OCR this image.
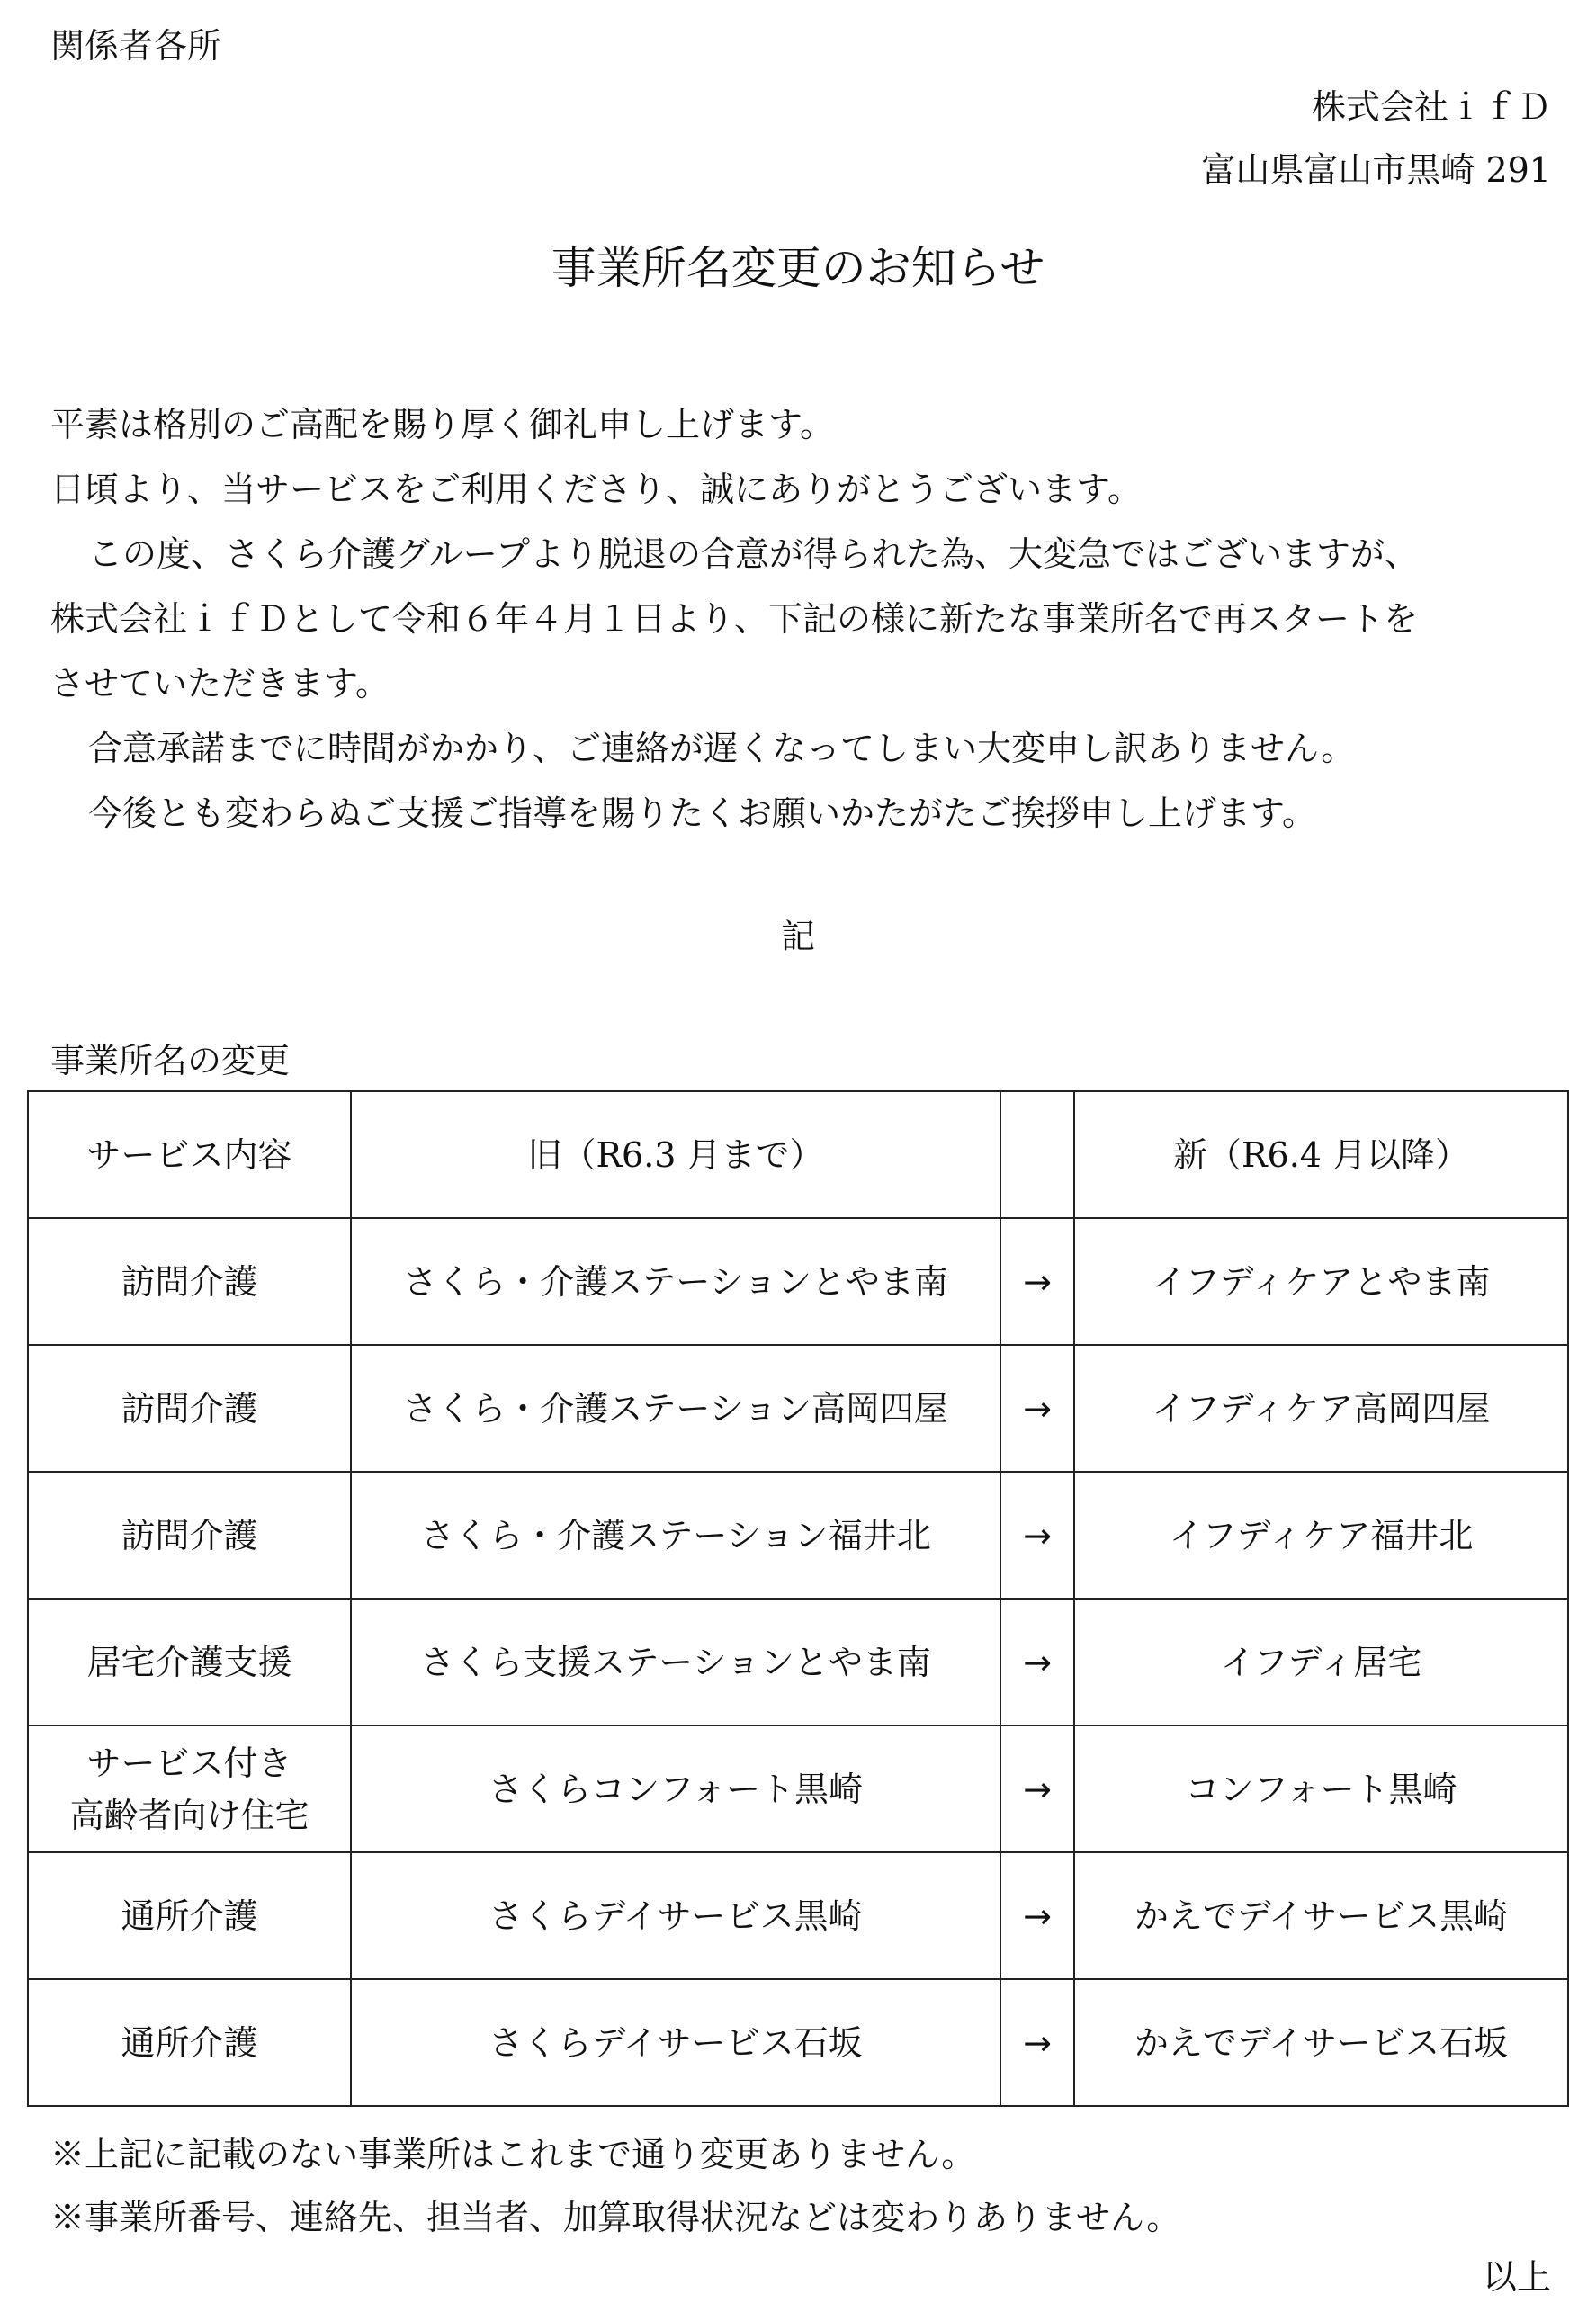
関係者各所
株式会社ｉｆＤ
富山県富山市黒崎 291
事業所名変更のお知らせ

平素は格別のご高配を賜り厚く御礼申し上げます。

日頃より、当サービスをご利用くださり、誠にありがとうございます。

この度、さくら介護グループより脱退の合意が得られた為、大変急ではございますが、

株式会社ｉｆＤとして令和６年４月１日より、下記の様に新たな事業所名で再スタートを

させていただきます。

合意承諾までに時間がかかり、ご連絡が遅くなってしまい大変申し訳ありません。

今後とも変わらぬご支援ご指導を賜りたくお願いかたがたご挨拶申し上げます。

記
事業所名の変更
サービス内容	旧（R6.3 月まで）		新（R6.4 月以降）
訪問介護	さくら・介護ステーションとやま南	→	イフディケアとやま南
訪問介護	さくら・介護ステーション高岡四屋	→	イフディケア高岡四屋
訪問介護	さくら・介護ステーション福井北	→	イフディケア福井北
居宅介護支援	さくら支援ステーションとやま南	→	イフディ居宅

サービス付き
高齢者向け住宅	さくらコンフォート黒崎	→	コンフォート黒崎
通所介護	さくらデイサービス黒崎	→	かえでデイサービス黒崎
通所介護	さくらデイサービス石坂	→	かえでデイサービス石坂
※上記に記載のない事業所はこれまで通り変更ありません。
※事業所番号、連絡先、担当者、加算取得状況などは変わりありません。
以上
